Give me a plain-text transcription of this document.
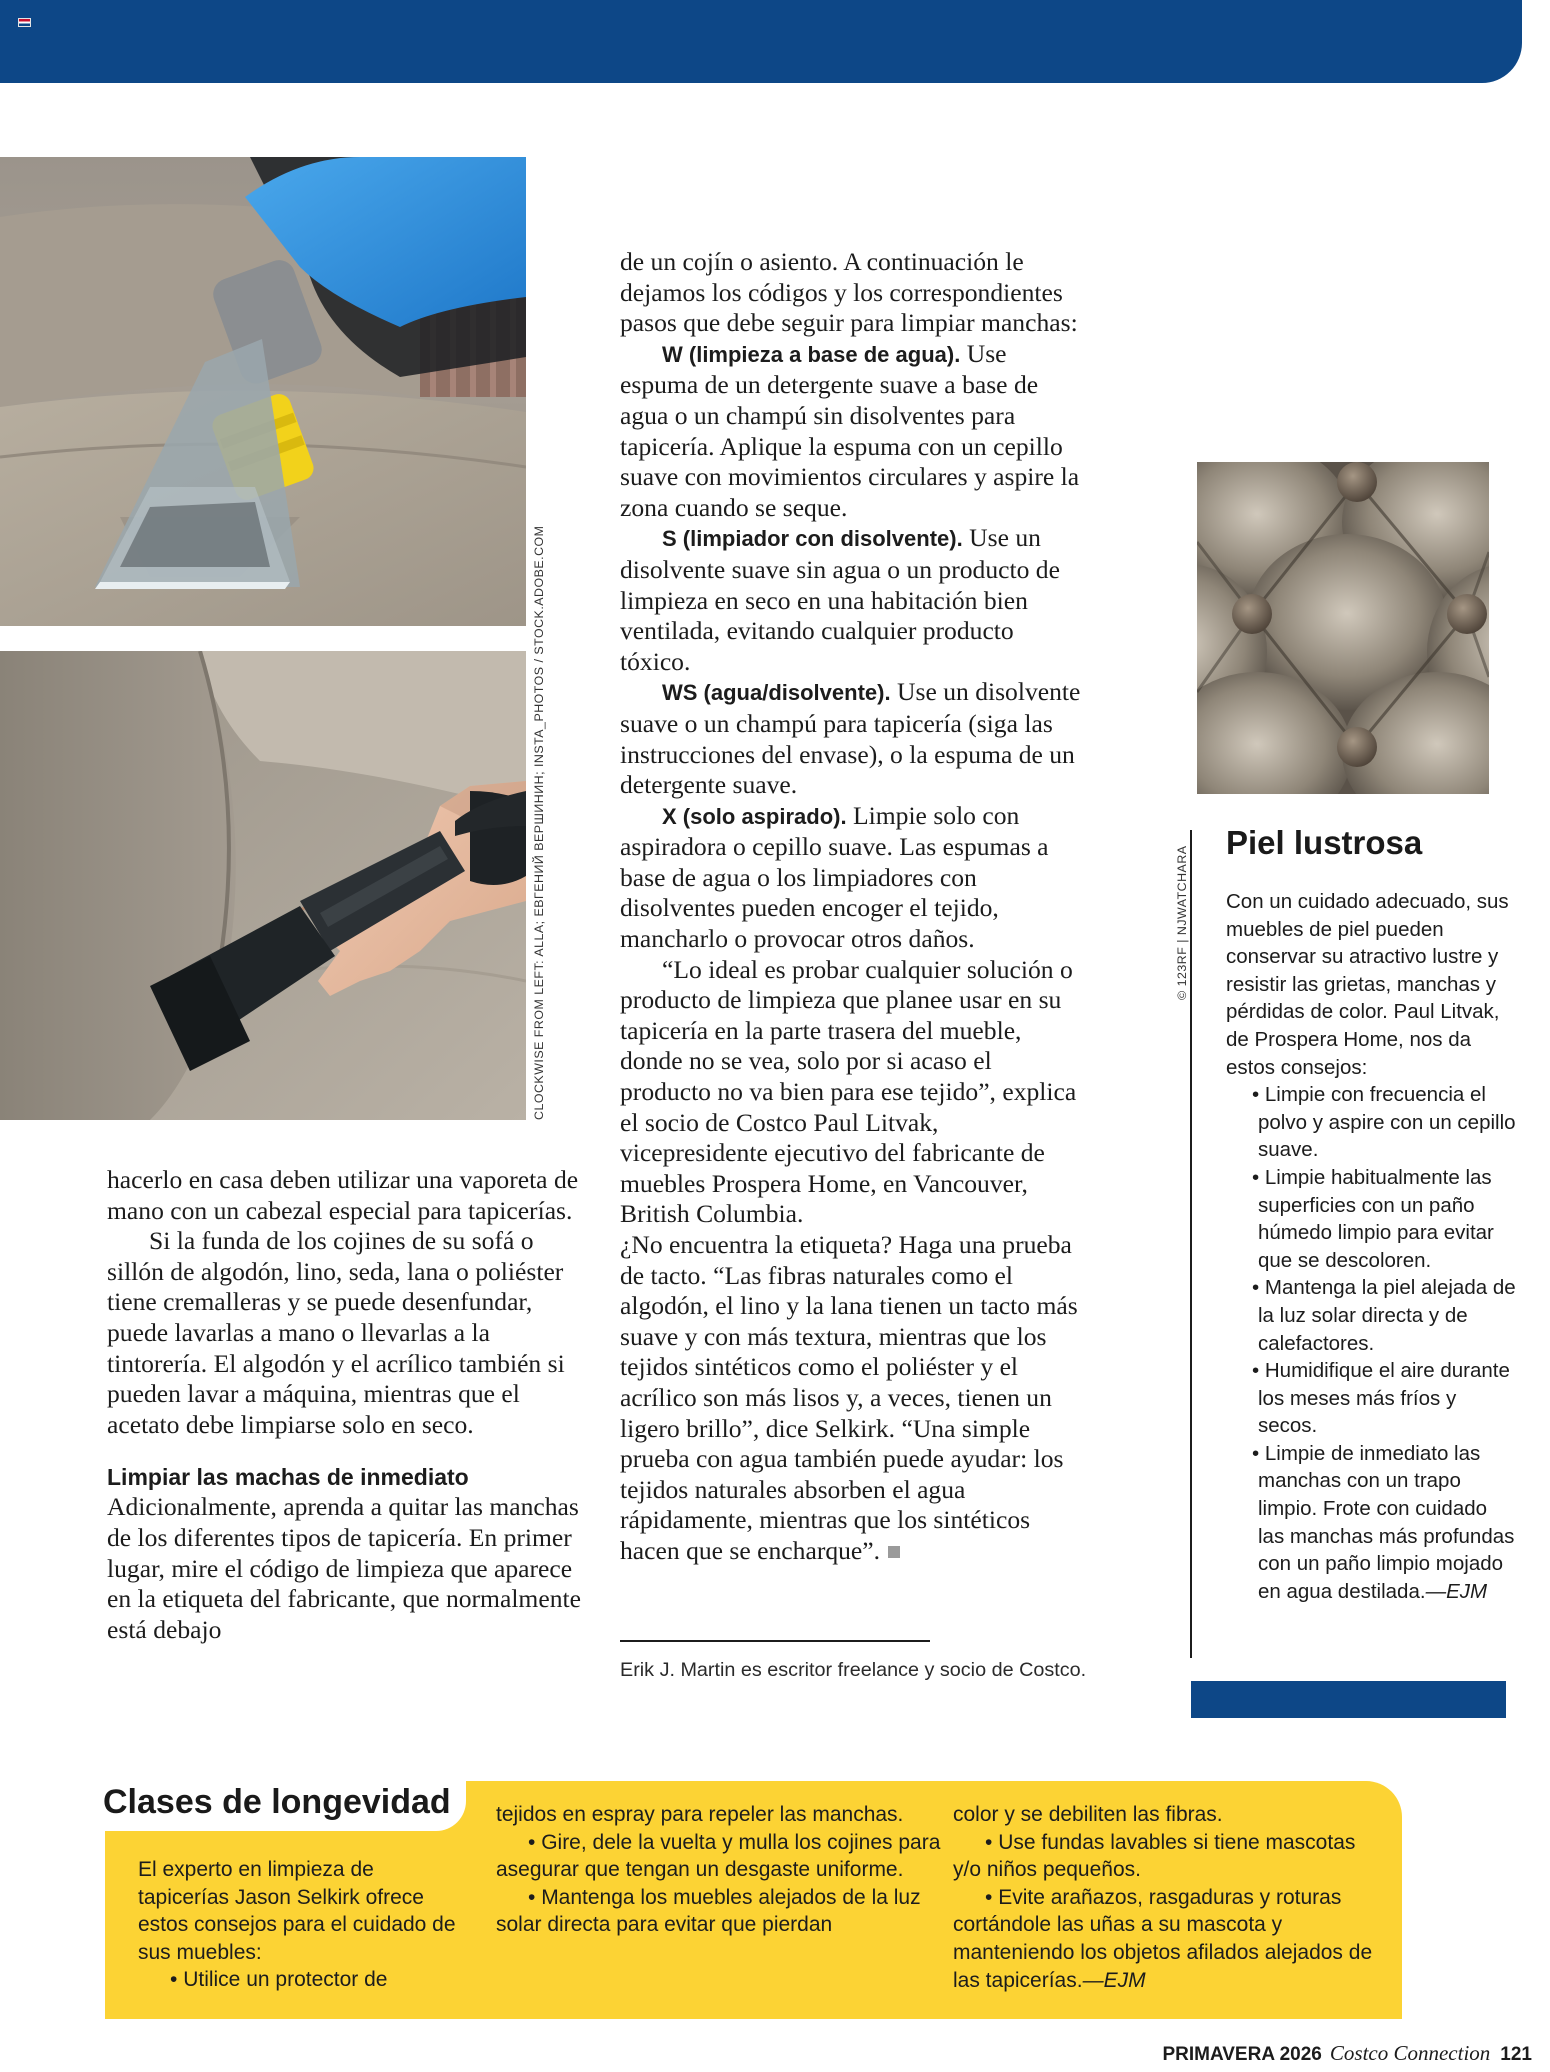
CLOCKWISE FROM LEFT: ALLA; ЕВГЕНИЙ ВЕРШИНИН; INSTA_PHOTOS / STOCK.ADOBE.COM	© 123RF | NJWATCHARA

hacerlo en casa deben utilizar una vaporeta de mano con un cabezal especial para tapicerías.

Si la funda de los cojines de su sofá o sillón de algodón, lino, seda, lana o poliéster tiene cremalleras y se puede desenfundar, puede lavarlas a mano o llevarlas a la tintorería. El algodón y el acrílico también si pueden lavar a máquina, mientras que el acetato debe limpiarse solo en seco.

Limpiar las machas de inmediato

Adicionalmente, aprenda a quitar las manchas de los diferentes tipos de tapicería. En primer lugar, mire el código de limpieza que aparece en la etiqueta del fabricante, que normalmente está debajo

de un cojín o asiento. A continuación le dejamos los códigos y los correspondientes pasos que debe seguir para limpiar manchas:

W (limpieza a base de agua). Use espuma de un detergente suave a base de agua o un champú sin disolventes para tapicería. Aplique la espuma con un cepillo suave con movimientos circulares y aspire la zona cuando se seque.

S (limpiador con disolvente). Use un disolvente suave sin agua o un producto de limpieza en seco en una habitación bien ventilada, evitando cualquier producto tóxico.

WS (agua/disolvente). Use un disolvente suave o un champú para tapicería (siga las instrucciones del envase), o la espuma de un detergente suave.

X (solo aspirado). Limpie solo con aspiradora o cepillo suave. Las espumas a base de agua o los limpiadores con disolventes pueden encoger el tejido, mancharlo o provocar otros daños.

“Lo ideal es probar cualquier solución o producto de limpieza que planee usar en su tapicería en la parte trasera del mueble, donde no se vea, solo por si acaso el producto no va bien para ese tejido”, explica el socio de Costco Paul Litvak, vicepresidente ejecutivo del fabricante de muebles Prospera Home, en Vancouver, British Columbia.

¿No encuentra la etiqueta? Haga una prueba de tacto. “Las fibras naturales como el algodón, el lino y la lana tienen un tacto más suave y con más textura, mientras que los tejidos sintéticos como el poliéster y el acrílico son más lisos y, a veces, tienen un ligero brillo”, dice Selkirk. “Una simple prueba con agua también puede ayudar: los tejidos naturales absorben el agua rápidamente, mientras que los sintéticos hacen que se encharque”.

Erik J. Martin es escritor freelance y socio de Costco.
Piel lustrosa

Con un cuidado adecuado, sus muebles de piel pueden conservar su atractivo lustre y resistir las grietas, manchas y pérdidas de color. Paul Litvak, de Prospera Home, nos da estos consejos:

• Limpie con frecuencia el polvo y aspire con un cepillo suave.

• Limpie habitualmente las superficies con un paño húmedo limpio para evitar que se descoloren.

• Mantenga la piel alejada de la luz solar directa y de calefactores.

• Humidifique el aire durante los meses más fríos y secos.

• Limpie de inmediato las manchas con un trapo limpio. Frote con cuidado las manchas más profundas con un paño limpio mojado en agua destilada.—EJM

Clases de longevidad

El experto en limpieza de tapicerías Jason Selkirk ofrece estos consejos para el cuidado de sus muebles:

• Utilice un protector de

tejidos en espray para repeler las manchas.

• Gire, dele la vuelta y mulla los cojines para asegurar que tengan un desgaste uniforme.

• Mantenga los muebles alejados de la luz solar directa para evitar que pierdan

color y se debiliten las fibras.

• Use fundas lavables si tiene mascotas y/o niños pequeños.

• Evite arañazos, rasgaduras y roturas cortándole las uñas a su mascota y manteniendo los objetos afilados alejados de las tapicerías.—EJM

PRIMAVERA 2026 Costco Connection 121
